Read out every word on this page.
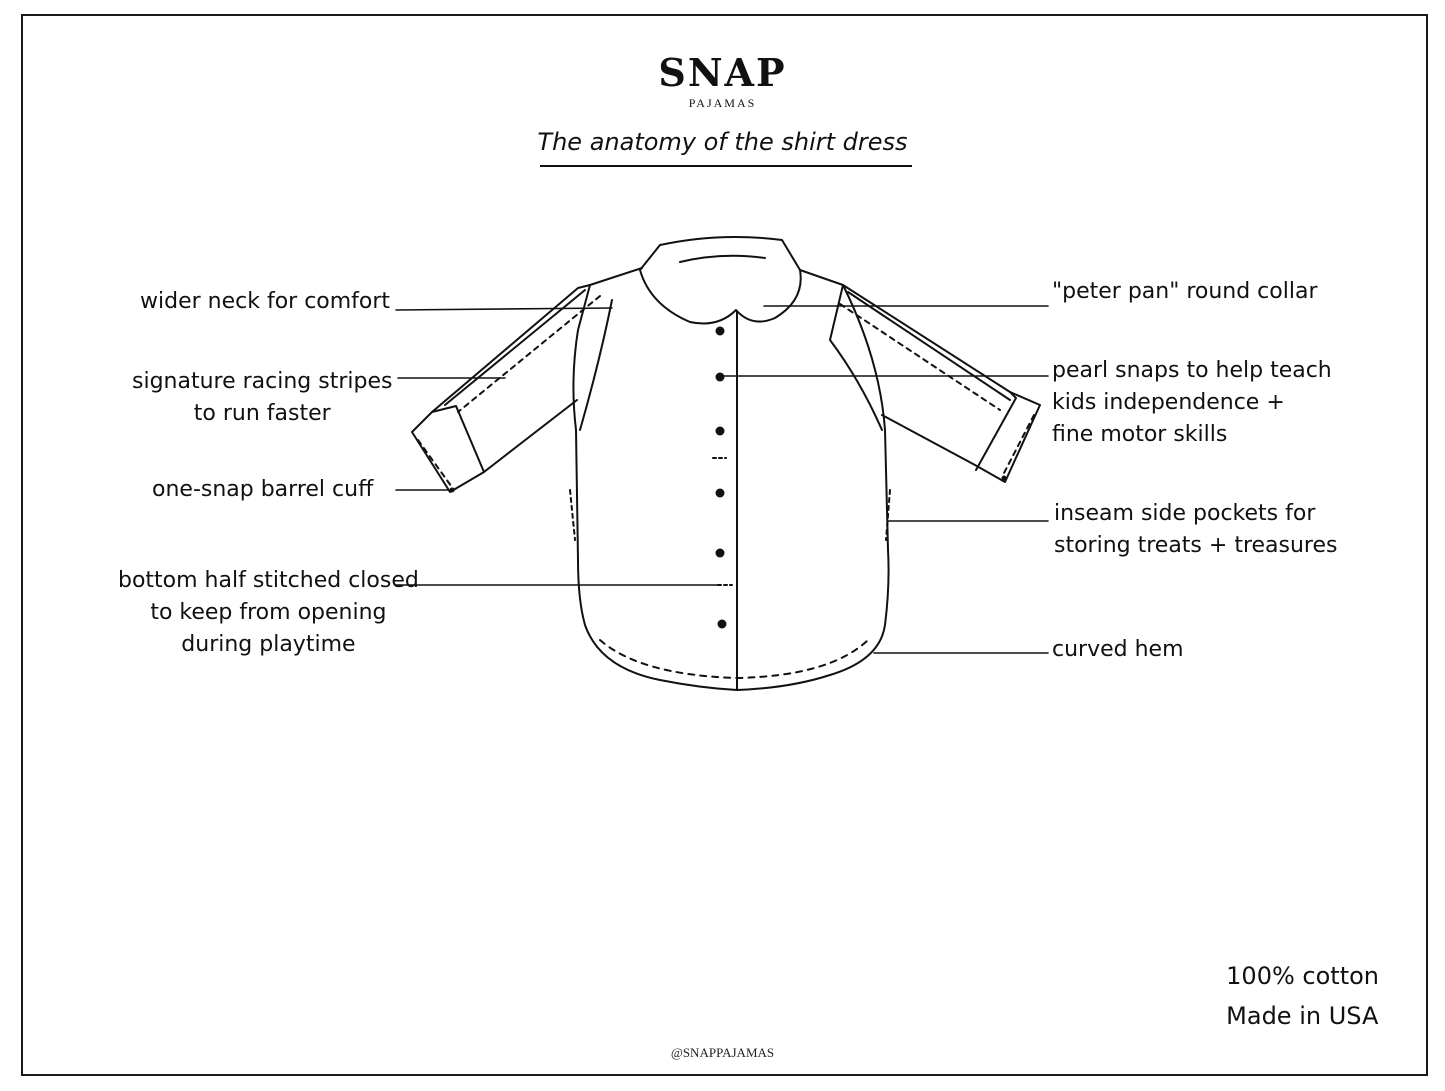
SNAP
PAJAMAS
The anatomy of the shirt dress
wider neck for comfort
signature racing stripes
to run faster
one-snap barrel cuff
bottom half stitched closed
to keep from opening
during playtime
"peter pan" round collar
pearl snaps to help teach
kids independence +
fine motor skills
inseam side pockets for
storing treats + treasures
curved hem
100% cotton
Made in USA
@SNAPPAJAMAS
